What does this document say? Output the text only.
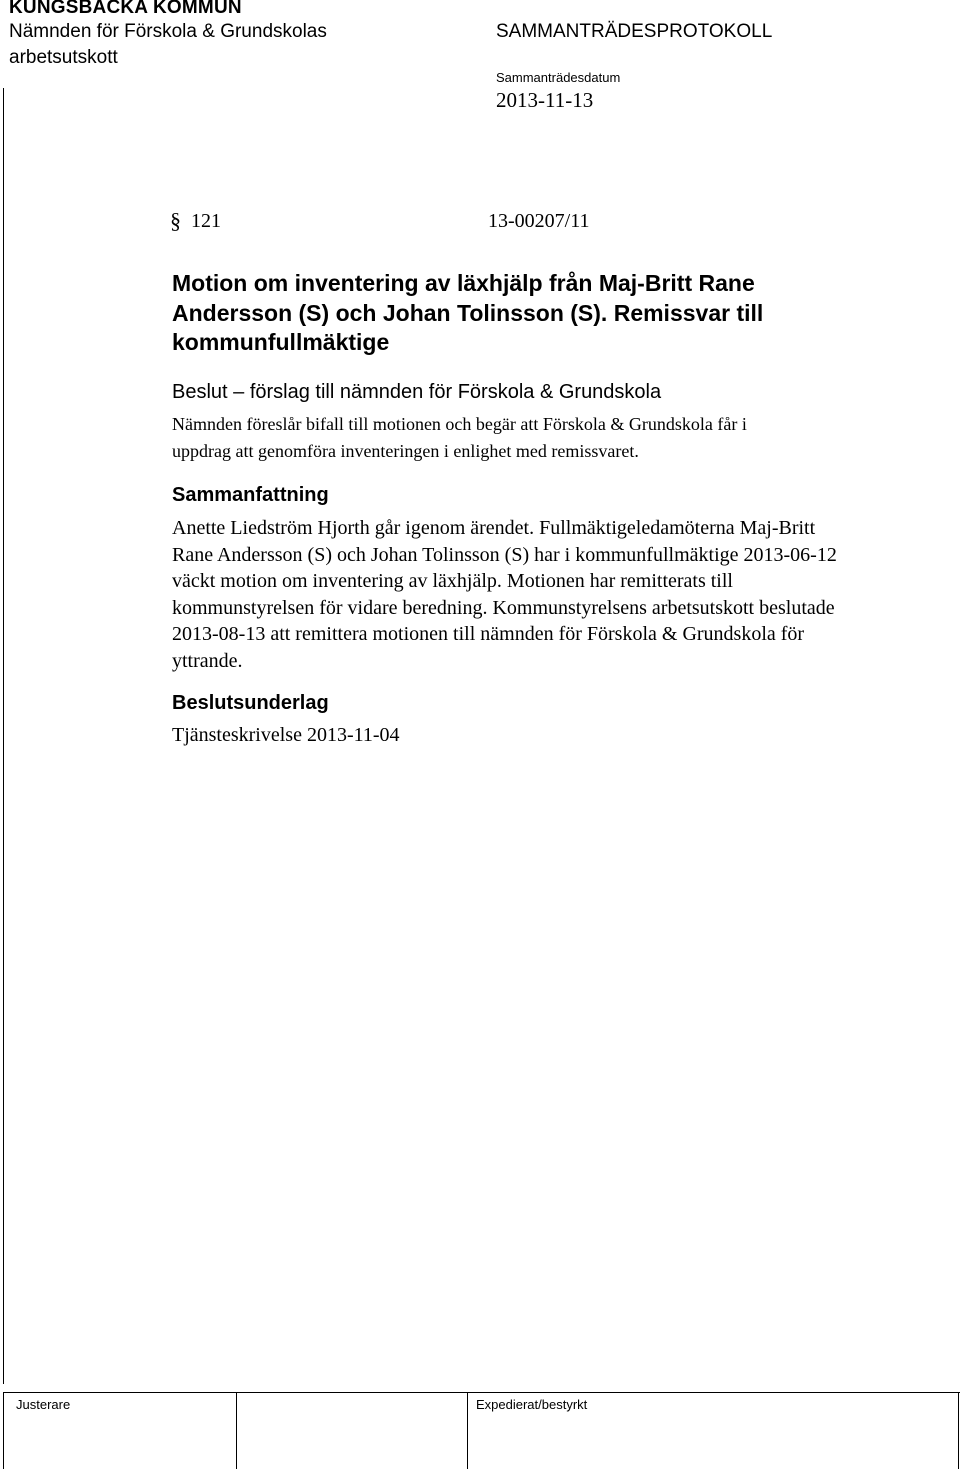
KUNGSBACKA KOMMUN
Nämnden för Förskola & Grundskolas
arbetsutskott
SAMMANTRÄDESPROTOKOLL
Sammanträdesdatum
2013-11-13
§ 121	13-00207/11
Motion om inventering av läxhjälp från Maj-Britt Rane
Andersson (S) och Johan Tolinsson (S). Remissvar till
kommunfullmäktige
Beslut – förslag till nämnden för Förskola & Grundskola
Nämnden föreslår bifall till motionen och begär att Förskola & Grundskola får i
uppdrag att genomföra inventeringen i enlighet med remissvaret.
Sammanfattning
Anette Liedström Hjorth går igenom ärendet. Fullmäktigeledamöterna Maj-Britt
Rane Andersson (S) och Johan Tolinsson (S) har i kommunfullmäktige 2013-06-12
väckt motion om inventering av läxhjälp. Motionen har remitterats till
kommunstyrelsen för vidare beredning. Kommunstyrelsens arbetsutskott beslutade
2013-08-13 att remittera motionen till nämnden för Förskola & Grundskola för
yttrande.
Beslutsunderlag
Tjänsteskrivelse 2013-11-04
Justerare	Expedierat/bestyrkt
